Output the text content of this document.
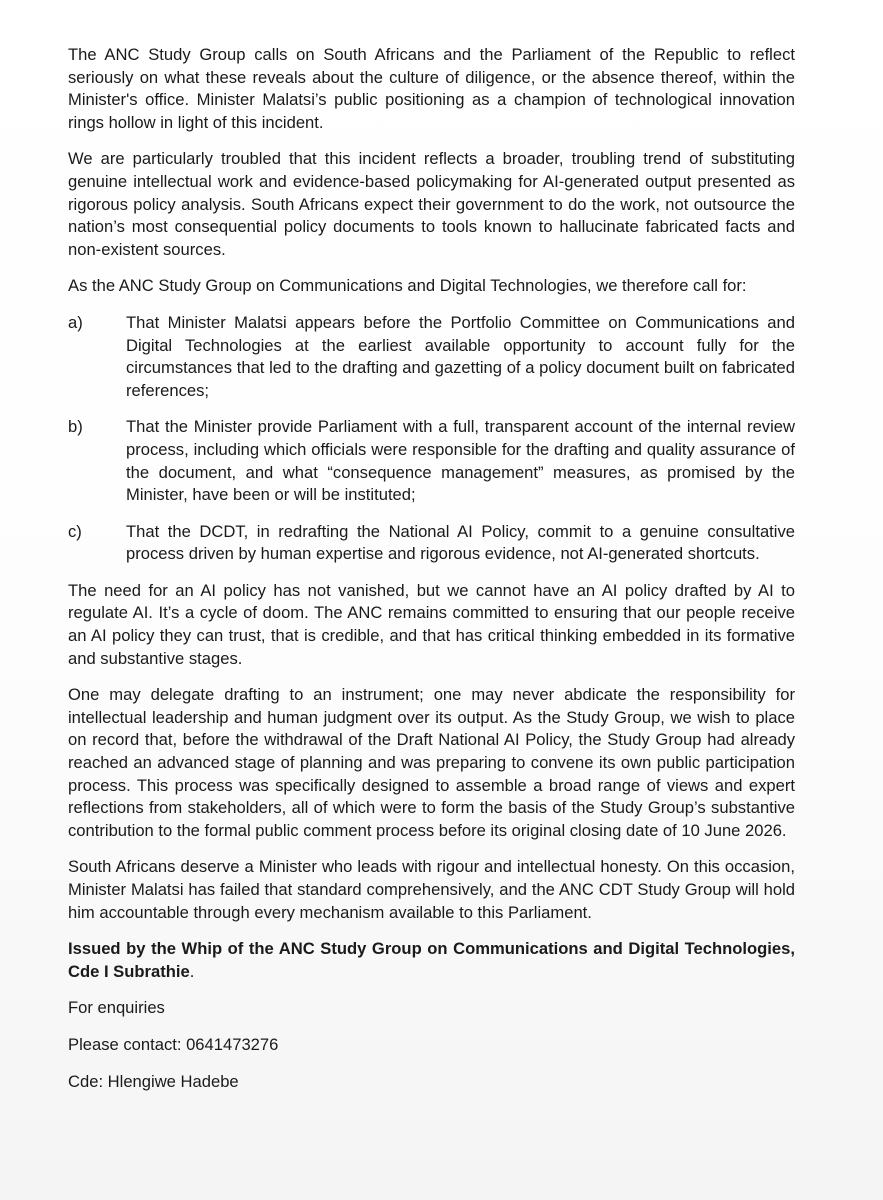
The ANC Study Group calls on South Africans and the Parliament of the Republic to reflect seriously on what these reveals about the culture of diligence, or the absence thereof, within the Minister's office. Minister Malatsi’s public positioning as a champion of technological innovation rings hollow in light of this incident.

We are particularly troubled that this incident reflects a broader, troubling trend of substituting genuine intellectual work and evidence-based policymaking for AI-generated output presented as rigorous policy analysis. South Africans expect their government to do the work, not outsource the nation’s most consequential policy documents to tools known to hallucinate fabricated facts and non-existent sources.

As the ANC Study Group on Communications and Digital Technologies, we therefore call for:

a)	That Minister Malatsi appears before the Portfolio Committee on Communications and Digital Technologies at the earliest available opportunity to account fully for the circumstances that led to the drafting and gazetting of a policy document built on fabricated references;
b)	That the Minister provide Parliament with a full, transparent account of the internal review process, including which officials were responsible for the drafting and quality assurance of the document, and what “consequence management” measures, as promised by the Minister, have been or will be instituted;
c)	That the DCDT, in redrafting the National AI Policy, commit to a genuine consultative process driven by human expertise and rigorous evidence, not AI-generated shortcuts.

The need for an AI policy has not vanished, but we cannot have an AI policy drafted by AI to regulate AI. It’s a cycle of doom. The ANC remains committed to ensuring that our people receive an AI policy they can trust, that is credible, and that has critical thinking embedded in its formative and substantive stages.

One may delegate drafting to an instrument; one may never abdicate the responsibility for intellectual leadership and human judgment over its output. As the Study Group, we wish to place on record that, before the withdrawal of the Draft National AI Policy, the Study Group had already reached an advanced stage of planning and was preparing to convene its own public participation process. This process was specifically designed to assemble a broad range of views and expert reflections from stakeholders, all of which were to form the basis of the Study Group’s substantive contribution to the formal public comment process before its original closing date of 10 June 2026.

South Africans deserve a Minister who leads with rigour and intellectual honesty. On this occasion, Minister Malatsi has failed that standard comprehensively, and the ANC CDT Study Group will hold him accountable through every mechanism available to this Parliament.

Issued by the Whip of the ANC Study Group on Communications and Digital Technologies, Cde I Subrathie.

For enquiries
Please contact: 0641473276
Cde: Hlengiwe Hadebe
